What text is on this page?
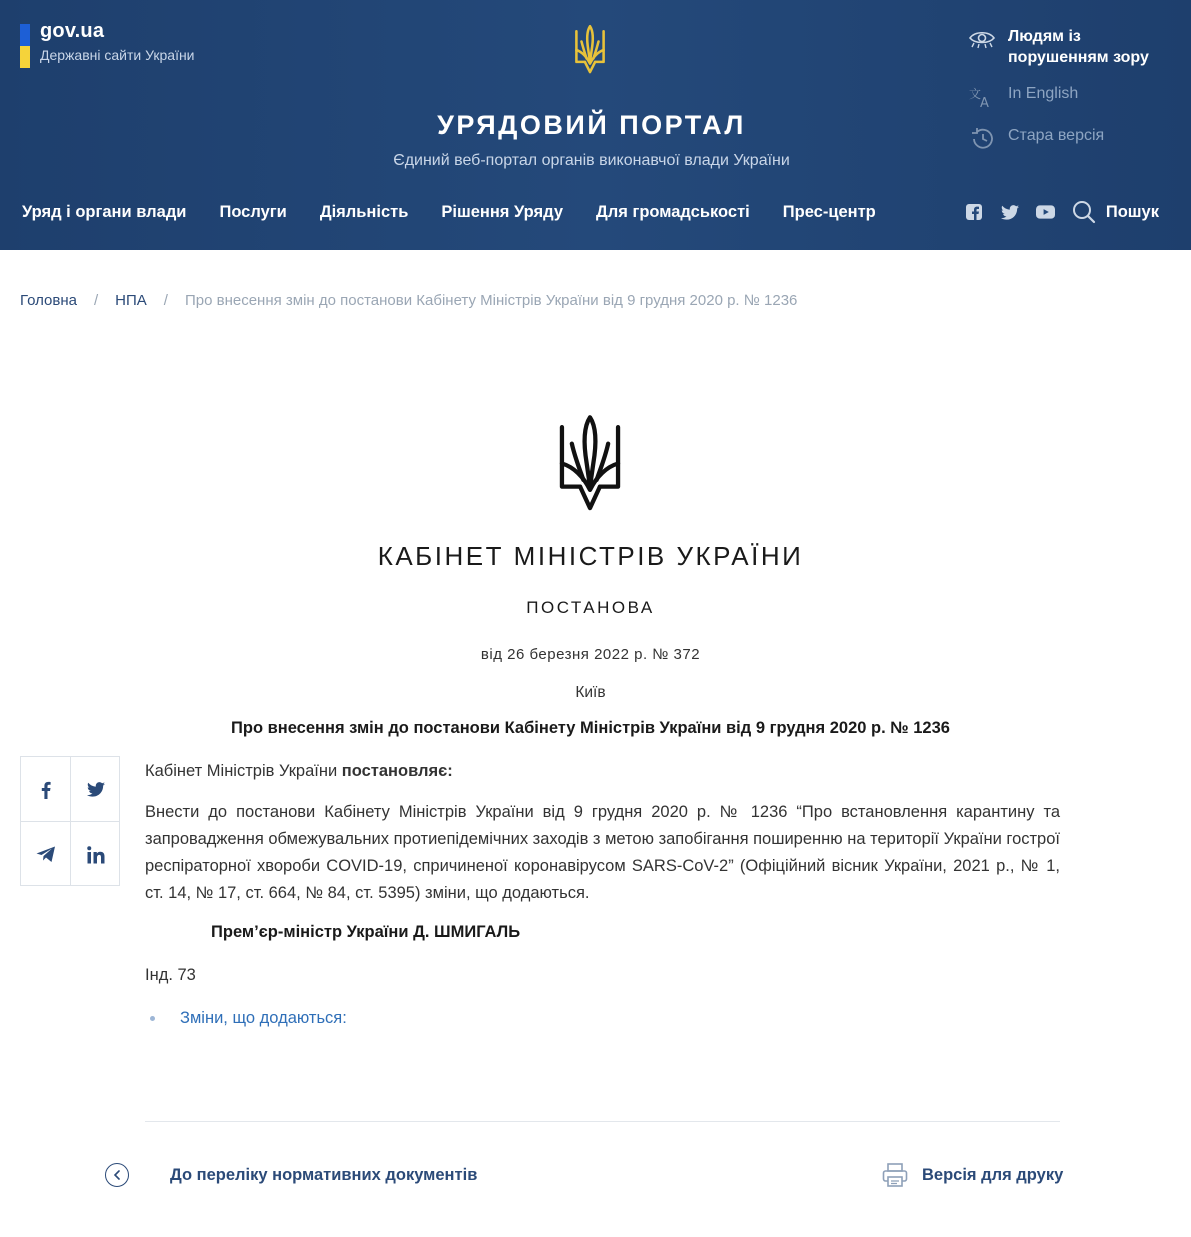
gov.ua
Державні сайти України
УРЯДОВИЙ ПОРТАЛ
Єдиний веб-портал органів виконавчої влади України
Людям із
порушенням зору
文
A
In English
Стара версія
Уряд і органи влади Послуги Діяльність Рішення Уряду Для громадськості Прес-центр	Пошук
Головна / НПА / Про внесення змін до постанови Кабінету Міністрів України від 9 грудня 2020 р. № 1236
КАБІНЕТ МІНІСТРІВ УКРАЇНИ
ПОСТАНОВА
від 26 березня 2022 р. № 372
Київ
Про внесення змін до постанови Кабінету Міністрів України від 9 грудня 2020 р. № 1236
Кабінет Міністрів України постановляє:
Внести до постанови Кабінету Міністрів України від 9 грудня 2020 р. № 1236 “Про встановлення карантину та запровадження обмежувальних протиепідемічних заходів з метою запобігання поширенню на території України гострої респіраторної хвороби COVID-19, спричиненої коронавірусом SARS-CoV-2” (Офіційний вісник України, 2021 р., № 1, ст. 14, № 17, ст. 664, № 84, ст. 5395) зміни, що додаються.
Прем’єр-міністр України Д. ШМИГАЛЬ
Інд. 73
Зміни, що додаються:
До переліку нормативних документів	Версія для друку
